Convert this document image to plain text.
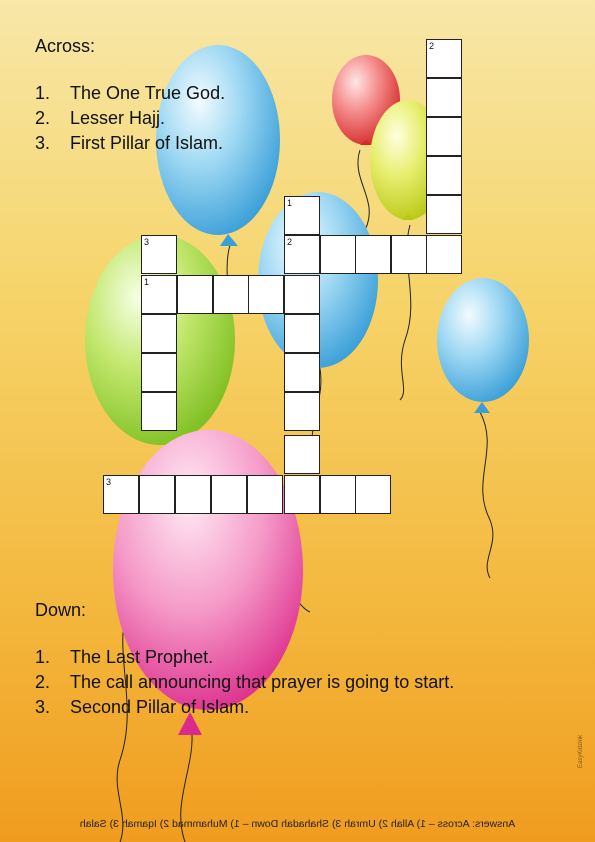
Across:
1.	The One True God.
2.	Lesser Hajj.
3.	First Pillar of Islam.
2
2
1
3
1
3
Down:
1.	The Last Prophet.
2.	The call announcing that prayer is going to start.
3.	Second Pillar of Islam.
EasyKidzInk
Answers: Across – 1) Allah 2) Umrah 3) Shahadah Down – 1) Muhammad 2) Iqamah 3) Salah
